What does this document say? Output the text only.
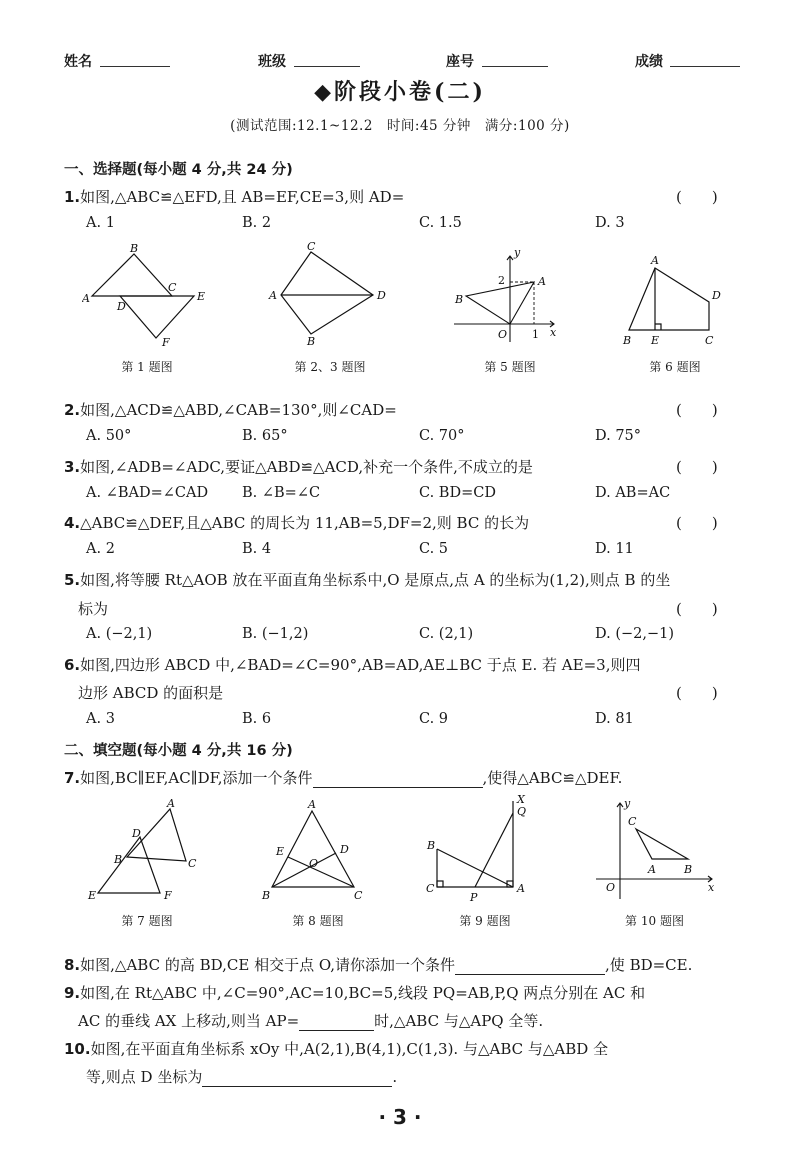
姓名	班级	座号	成绩
◆阶段小卷(二)
(测试范围:12.1~12.2　时间:45 分钟　满分:100 分)
一、选择题(每小题 4 分,共 24 分)
1.如图,△ABC≌△EFD,且 AB=EF,CE=3,则 AD=	(　　)
A. 1	B. 2	C. 1.5	D. 3
B
A
D
C
E
F
C
A	D
B
y
2	A
B
O 1 x
A
D
B E	C
第 1 题图	第 2、3 题图	第 5 题图	第 6 题图
2.如图,△ACD≌△ABD,∠CAB=130°,则∠CAD=	(　　)
A. 50°	B. 65°	C. 70°	D. 75°
3.如图,∠ADB=∠ADC,要证△ABD≌△ACD,补充一个条件,不成立的是	(　　)
A. ∠BAD=∠CAD B. ∠B=∠C	C. BD=CD	D. AB=AC
4.△ABC≌△DEF,且△ABC 的周长为 11,AB=5,DF=2,则 BC 的长为	(　　)
A. 2	B. 4	C. 5	D. 11
5.如图,将等腰 Rt△AOB 放在平面直角坐标系中,O 是原点,点 A 的坐标为(1,2),则点 B 的坐
标为	(　　)
A. (−2,1)	B. (−1,2)	C. (2,1)	D. (−2,−1)
6.如图,四边形 ABCD 中,∠BAD=∠C=90°,AB=AD,AE⊥BC 于点 E. 若 AE=3,则四
边形 ABCD 的面积是	(　　)
A. 3	B. 6	C. 9	D. 81
二、填空题(每小题 4 分,共 16 分)
7.如图,BC∥EF,AC∥DF,添加一个条件	,使得△ABC≌△DEF.
A
D
B	C
E	F
A
E	D
O
B	C
X
Q
B
C
P
A
y
C
A	B
O	x
第 7 题图	第 8 题图	第 9 题图	第 10 题图
8.如图,△ABC 的高 BD,CE 相交于点 O,请你添加一个条件	,使 BD=CE.
9.如图,在 Rt△ABC 中,∠C=90°,AC=10,BC=5,线段 PQ=AB,P,Q 两点分别在 AC 和
AC 的垂线 AX 上移动,则当 AP=	时,△ABC 与△APQ 全等.
10.如图,在平面直角坐标系 xOy 中,A(2,1),B(4,1),C(1,3). 与△ABC 与△ABD 全
等,则点 D 坐标为	.
· 3 ·
